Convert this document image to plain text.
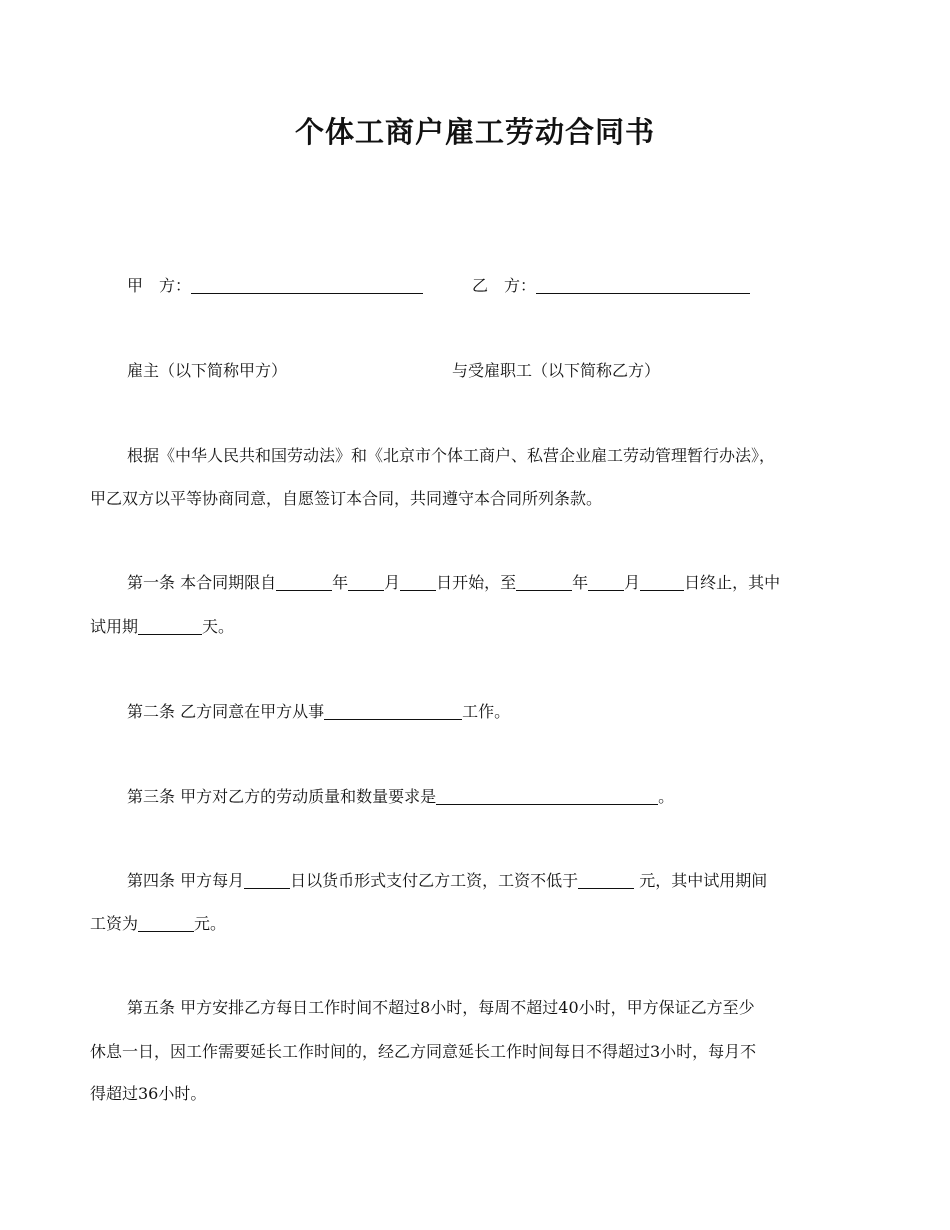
个体工商户雇工劳动合同书
甲　方：	乙　方：
雇主（以下简称甲方）	与受雇职工（以下简称乙方）
根据《中华人民共和国劳动法》和《北京市个体工商户、私营企业雇工劳动管理暂行办法》，
甲乙双方以平等协商同意，自愿签订本合同，共同遵守本合同所列条款。
第一条 本合同期限自	年 月 日开始，至	年 月	日终止，其中
试用期	天。
第二条 乙方同意在甲方从事	工作。
第三条 甲方对乙方的劳动质量和数量要求是	。
第四条 甲方每月	日以货币形式支付乙方工资，工资不低于	元，其中试用期间
工资为	元。
第五条 甲方安排乙方每日工作时间不超过8小时，每周不超过40小时，甲方保证乙方至少
休息一日，因工作需要延长工作时间的，经乙方同意延长工作时间每日不得超过3小时，每月不
得超过36小时。
